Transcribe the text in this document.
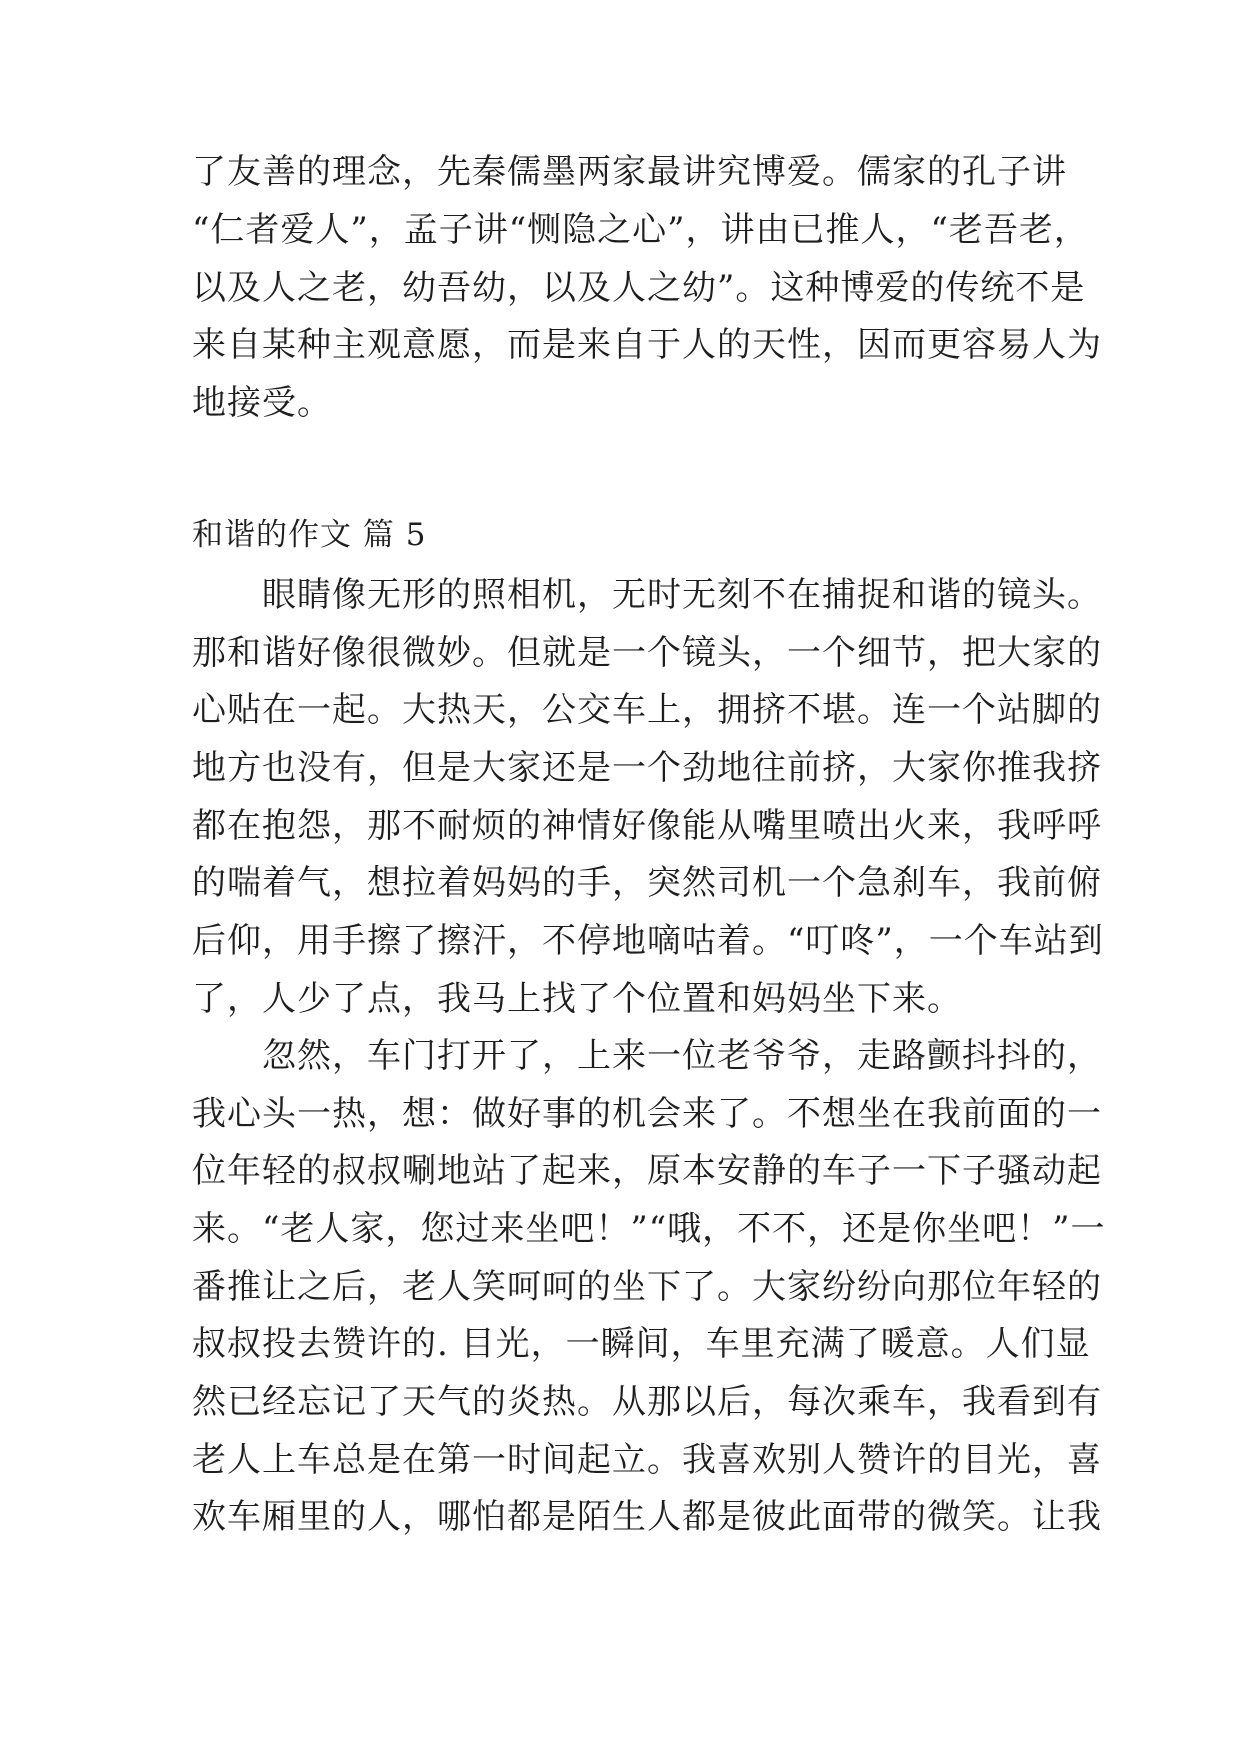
了友善的理念，先秦儒墨两家最讲究博爱。儒家的孔子讲
“仁者爱人”，孟子讲“恻隐之心”，讲由已推人，“老吾老，
以及人之老，幼吾幼，以及人之幼”。这种博爱的传统不是
来自某种主观意愿，而是来自于人的天性，因而更容易人为
地接受。
和谐的作文 篇 5
眼睛像无形的照相机，无时无刻不在捕捉和谐的镜头。
那和谐好像很微妙。但就是一个镜头，一个细节，把大家的
心贴在一起。大热天，公交车上，拥挤不堪。连一个站脚的
地方也没有，但是大家还是一个劲地往前挤，大家你推我挤
都在抱怨，那不耐烦的神情好像能从嘴里喷出火来，我呼呼
的喘着气，想拉着妈妈的手，突然司机一个急刹车，我前俯
后仰，用手擦了擦汗，不停地嘀咕着。“叮咚”，一个车站到
了，人少了点，我马上找了个位置和妈妈坐下来。
忽然，车门打开了，上来一位老爷爷，走路颤抖抖的，
我心头一热，想：做好事的机会来了。不想坐在我前面的一
位年轻的叔叔唰地站了起来，原本安静的车子一下子骚动起
来。“老人家，您过来坐吧！”“哦，不不，还是你坐吧！”一
番推让之后，老人笑呵呵的坐下了。大家纷纷向那位年轻的
叔叔投去赞许的. 目光，一瞬间，车里充满了暖意。人们显
然已经忘记了天气的炎热。从那以后，每次乘车，我看到有
老人上车总是在第一时间起立。我喜欢别人赞许的目光，喜
欢车厢里的人，哪怕都是陌生人都是彼此面带的微笑。让我
